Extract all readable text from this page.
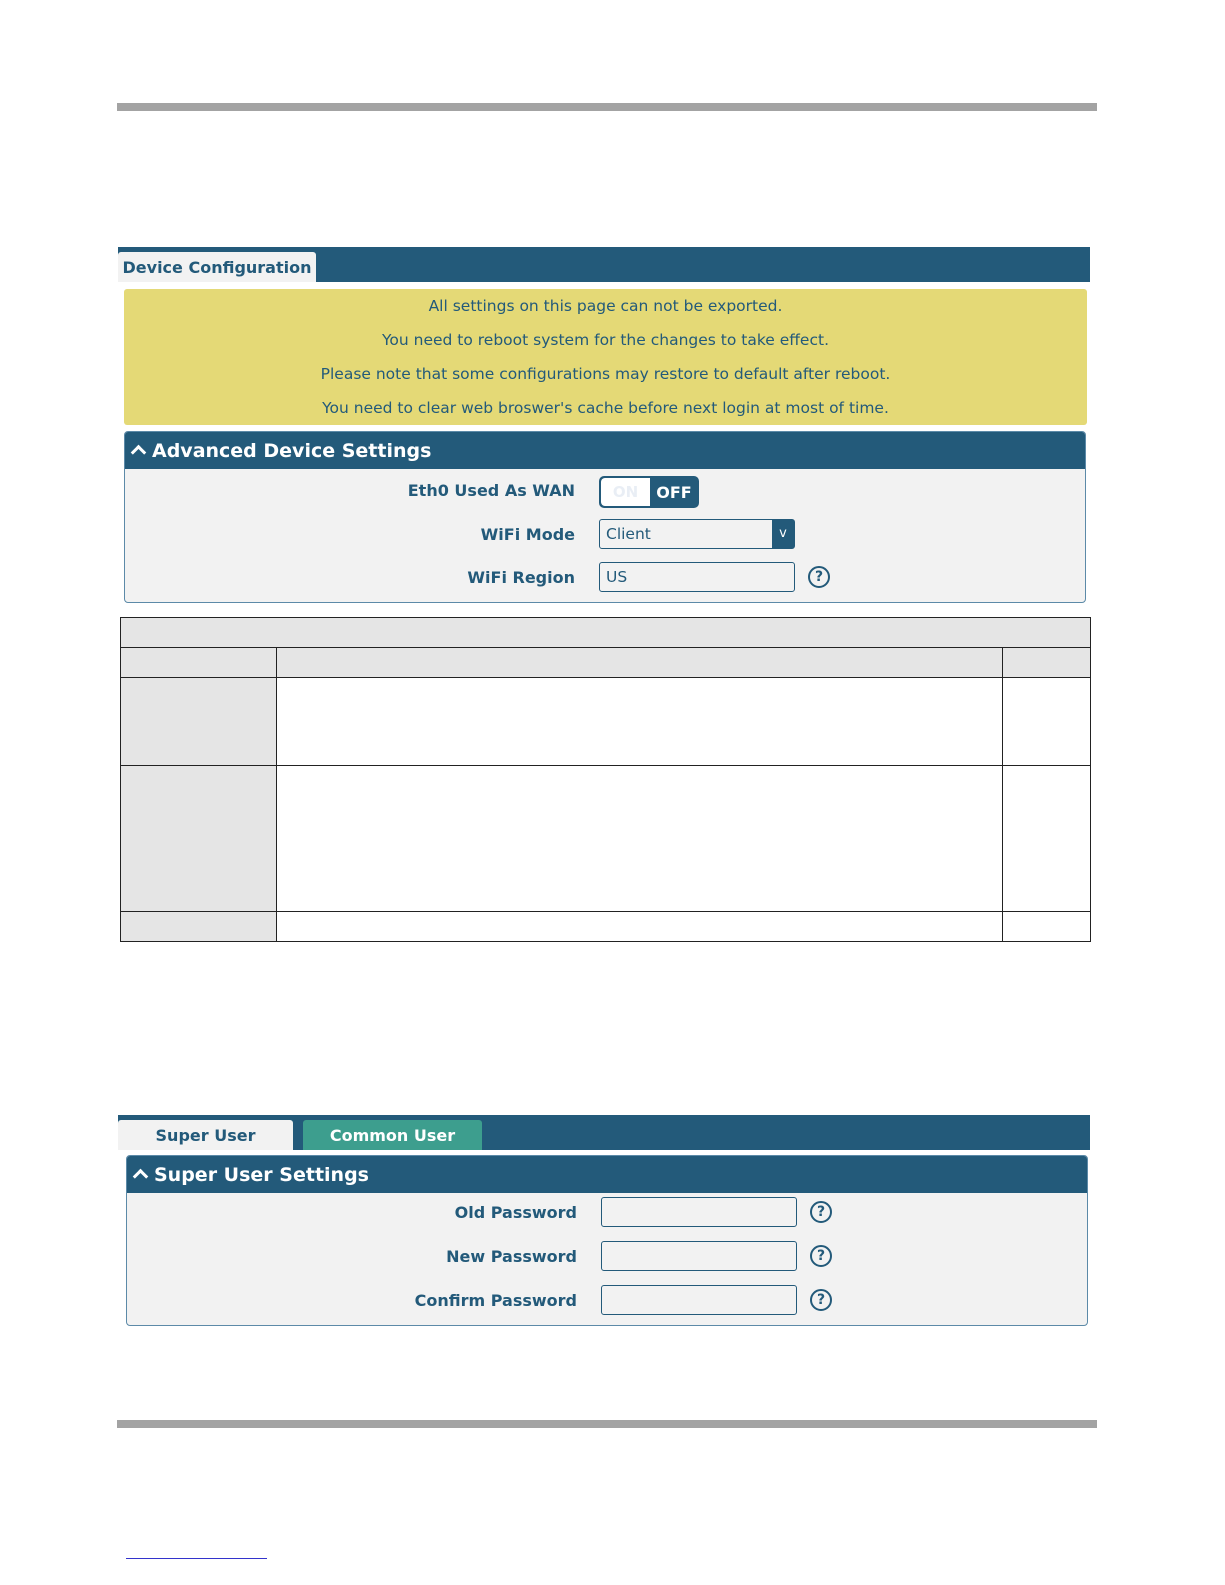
Device Configuration
All settings on this page can not be exported.
You need to reboot system for the changes to take effect.
Please note that some configurations may restore to default after reboot.
You need to clear web broswer's cache before next login at most of time.
Advanced Device Settings
Eth0 Used As WAN	ON	OFF
WiFi Mode	Client	v
WiFi Region	US	?

Super User	Common User
Super User Settings
Old Password	?
New Password	?
Confirm Password	?
